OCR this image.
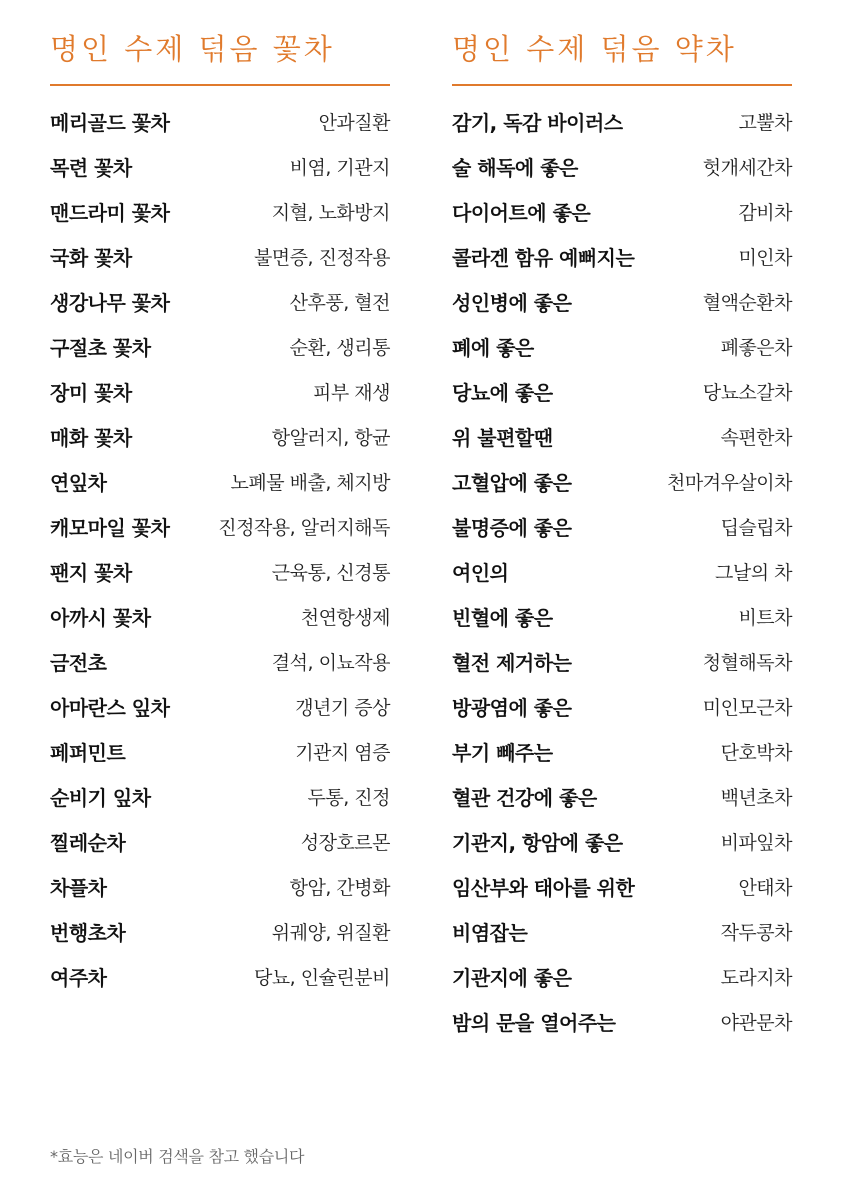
명인 수제 덖음 꽃차
메리골드 꽃차	안과질환
목련 꽃차	비염, 기관지
맨드라미 꽃차	지혈, 노화방지
국화 꽃차	불면증, 진정작용
생강나무 꽃차	산후풍, 혈전
구절초 꽃차	순환, 생리통
장미 꽃차	피부 재생
매화 꽃차	항알러지, 항균
연잎차	노폐물 배출, 체지방
캐모마일 꽃차	진정작용, 알러지해독
팬지 꽃차	근육통, 신경통
아까시 꽃차	천연항생제
금전초	결석, 이뇨작용
아마란스 잎차	갱년기 증상
페퍼민트	기관지 염증
순비기 잎차	두통, 진정
찔레순차	성장호르몬
차플차	항암, 간병화
번행초차	위궤양, 위질환
여주차	당뇨, 인슐린분비
명인 수제 덖음 약차
감기, 독감 바이러스	고뿔차
술 해독에 좋은	헛개세간차
다이어트에 좋은	감비차
콜라겐 함유 예뻐지는	미인차
성인병에 좋은	혈액순환차
폐에 좋은	폐좋은차
당뇨에 좋은	당뇨소갈차
위 불편할땐	속편한차
고혈압에 좋은	천마겨우살이차
불명증에 좋은	딥슬립차
여인의	그날의 차
빈혈에 좋은	비트차
혈전 제거하는	청혈해독차
방광염에 좋은	미인모근차
부기 빼주는	단호박차
혈관 건강에 좋은	백년초차
기관지, 항암에 좋은	비파잎차
임산부와 태아를 위한	안태차
비염잡는	작두콩차
기관지에 좋은	도라지차
밤의 문을 열어주는	야관문차
*효능은 네이버 검색을 참고 했습니다
